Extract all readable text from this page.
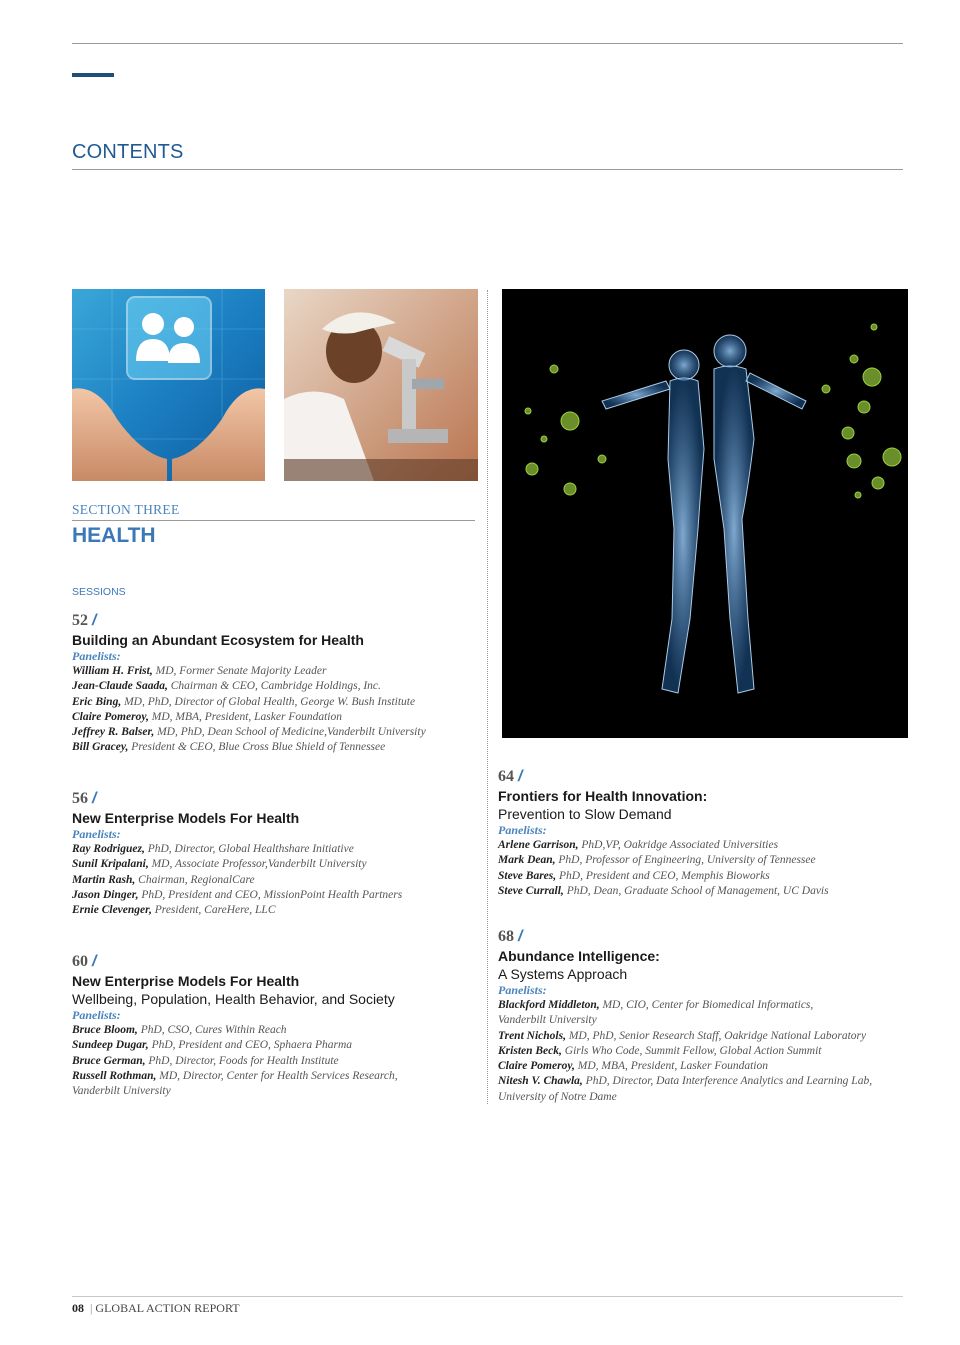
CONTENTS
SECTION THREE
HEALTH
SESSIONS
52 /
Building an Abundant Ecosystem for Health
Panelists:
William H. Frist, MD, Former Senate Majority Leader
Jean-Claude Saada, Chairman & CEO, Cambridge Holdings, Inc.
Eric Bing, MD, PhD, Director of Global Health, George W. Bush Institute
Claire Pomeroy, MD, MBA, President, Lasker Foundation
Jeffrey R. Balser, MD, PhD, Dean School of Medicine,Vanderbilt University
Bill Gracey, President & CEO, Blue Cross Blue Shield of Tennessee
56 /
New Enterprise Models For Health
Panelists:
Ray Rodriguez, PhD, Director, Global Healthshare Initiative
Sunil Kripalani, MD, Associate Professor,Vanderbilt University
Martin Rash, Chairman, RegionalCare
Jason Dinger, PhD, President and CEO, MissionPoint Health Partners
Ernie Clevenger, President, CareHere, LLC
60 /
New Enterprise Models For Health
Wellbeing, Population, Health Behavior, and Society
Panelists:
Bruce Bloom, PhD, CSO, Cures Within Reach
Sundeep Dugar, PhD, President and CEO, Sphaera Pharma
Bruce German, PhD, Director, Foods for Health Institute
Russell Rothman, MD, Director, Center for Health Services Research,
Vanderbilt University
64 /
Frontiers for Health Innovation:
Prevention to Slow Demand
Panelists:
Arlene Garrison, PhD,VP, Oakridge Associated Universities
Mark Dean, PhD, Professor of Engineering, University of Tennessee
Steve Bares, PhD, President and CEO, Memphis Bioworks
Steve Currall, PhD, Dean, Graduate School of Management, UC Davis
68 /
Abundance Intelligence:
A Systems Approach
Panelists:
Blackford Middleton, MD, CIO, Center for Biomedical Informatics,
Vanderbilt University
Trent Nichols, MD, PhD, Senior Research Staff, Oakridge National Laboratory
Kristen Beck, Girls Who Code, Summit Fellow, Global Action Summit
Claire Pomeroy, MD, MBA, President, Lasker Foundation
Nitesh V. Chawla, PhD, Director, Data Interference Analytics and Learning Lab,
University of Notre Dame
08 | GLOBAL ACTION REPORT
